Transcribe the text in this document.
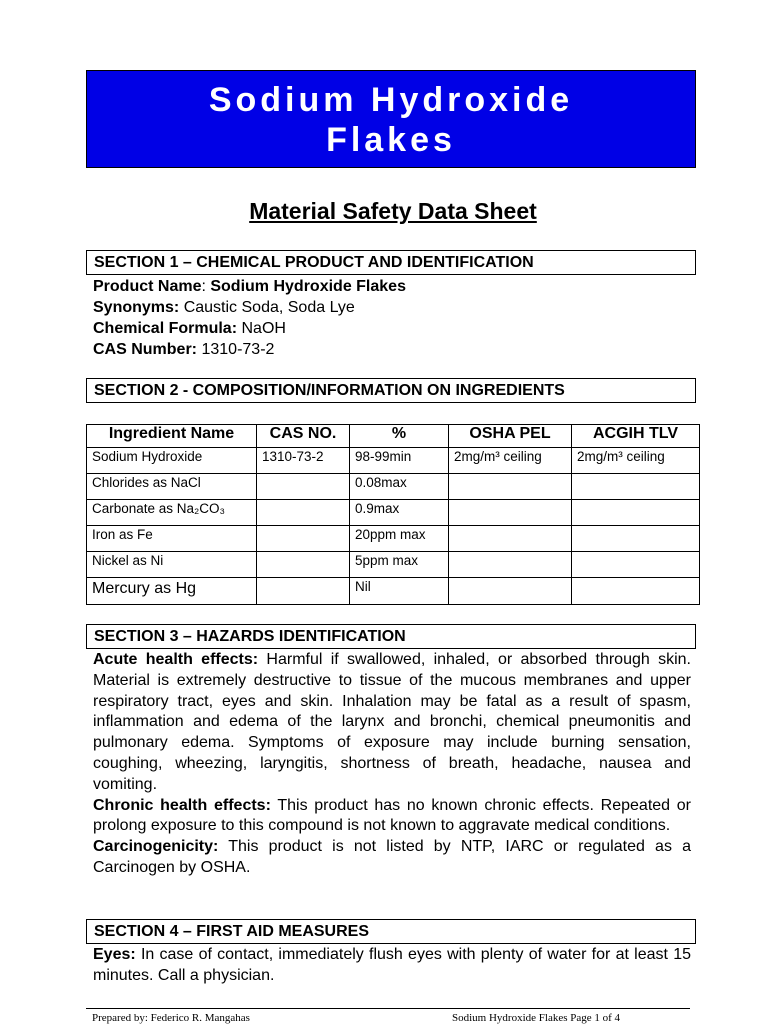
Sodium Hydroxide
Flakes
Material Safety Data Sheet
SECTION 1 – CHEMICAL PRODUCT AND IDENTIFICATION
Product Name: Sodium Hydroxide Flakes
Synonyms: Caustic Soda, Soda Lye
Chemical Formula: NaOH
CAS Number: 1310-73-2
SECTION 2 - COMPOSITION/INFORMATION ON INGREDIENTS
Ingredient Name	CAS NO.	%	OSHA PEL	ACGIH TLV
Sodium Hydroxide	1310-73-2	98-99min	2mg/m³ ceiling	2mg/m³ ceiling
Chlorides as NaCl		0.08max		
Carbonate as Na₂CO₃		0.9max		
Iron as Fe		20ppm max		
Nickel as Ni		5ppm max		
Mercury as Hg		Nil		
SECTION 3 – HAZARDS IDENTIFICATION

Acute health effects: Harmful if swallowed, inhaled, or absorbed through skin. Material is extremely destructive to tissue of the mucous membranes and upper respiratory tract, eyes and skin. Inhalation may be fatal as a result of spasm, inflammation and edema of the larynx and bronchi, chemical pneumonitis and pulmonary edema. Symptoms of exposure may include burning sensation, coughing, wheezing, laryngitis, shortness of breath, headache, nausea and vomiting.

Chronic health effects: This product has no known chronic effects. Repeated or prolong exposure to this compound is not known to aggravate medical conditions.

Carcinogenicity: This product is not listed by NTP, IARC or regulated as a Carcinogen by OSHA.

SECTION 4 – FIRST AID MEASURES

Eyes: In case of contact, immediately flush eyes with plenty of water for at least 15 minutes. Call a physician.

Prepared by: Federico R. Mangahas	Sodium Hydroxide Flakes Page 1 of 4
